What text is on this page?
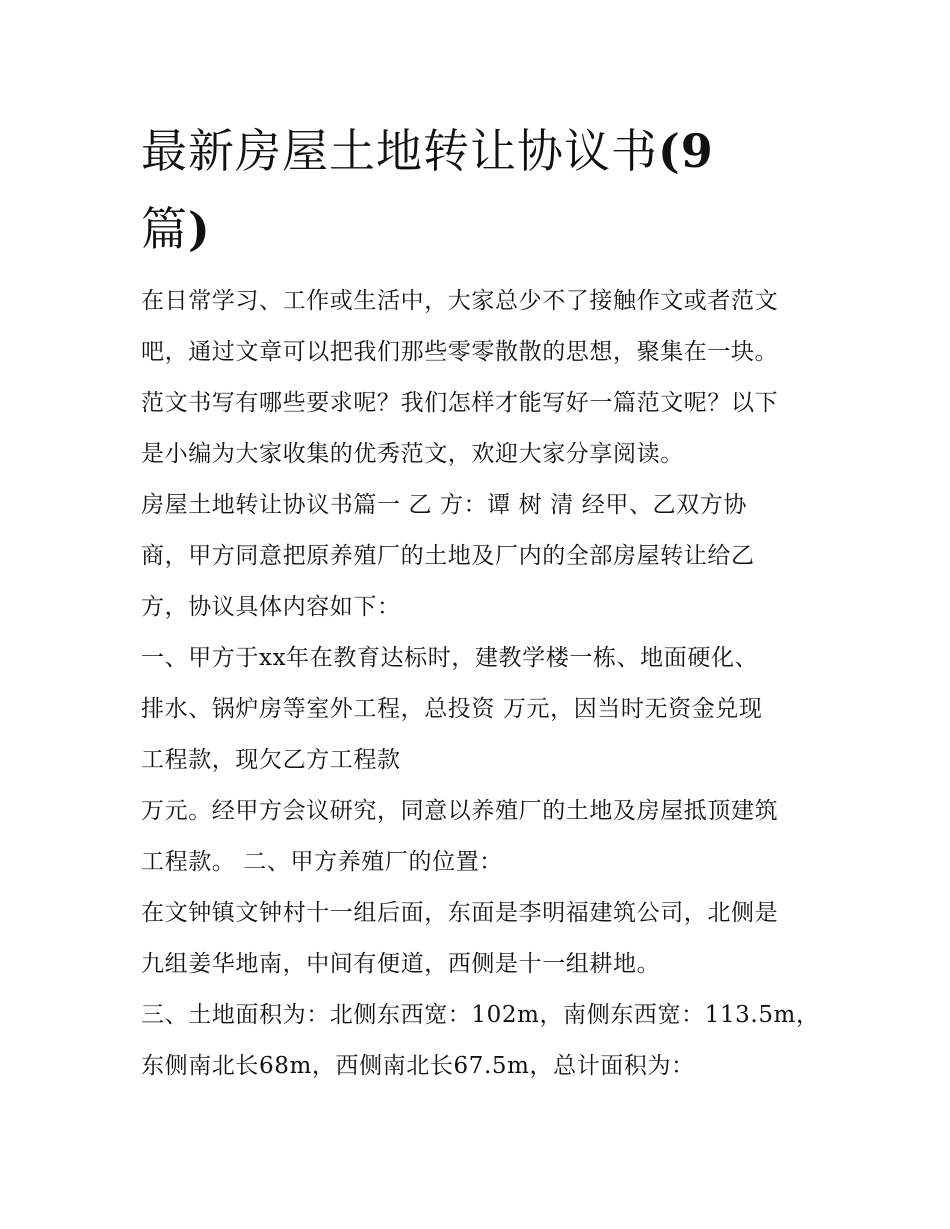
最新房屋土地转让协议书(9
篇)
在日常学习、工作或生活中，大家总少不了接触作文或者范文
吧，通过文章可以把我们那些零零散散的思想，聚集在一块。
范文书写有哪些要求呢？我们怎样才能写好一篇范文呢？以下
是小编为大家收集的优秀范文，欢迎大家分享阅读。
房屋土地转让协议书篇一 乙 方：谭 树 清 经甲、乙双方协
商，甲方同意把原养殖厂的土地及厂内的全部房屋转让给乙
方，协议具体内容如下：
一、甲方于xx年在教育达标时，建教学楼一栋、地面硬化、
排水、锅炉房等室外工程，总投资 万元，因当时无资金兑现
工程款，现欠乙方工程款
万元。经甲方会议研究，同意以养殖厂的土地及房屋抵顶建筑
工程款。 二、甲方养殖厂的位置：
在文钟镇文钟村十一组后面，东面是李明福建筑公司，北侧是
九组姜华地南，中间有便道，西侧是十一组耕地。
三、土地面积为：北侧东西宽：102m，南侧东西宽：113.5m，
东侧南北长68m，西侧南北长67.5m，总计面积为：
